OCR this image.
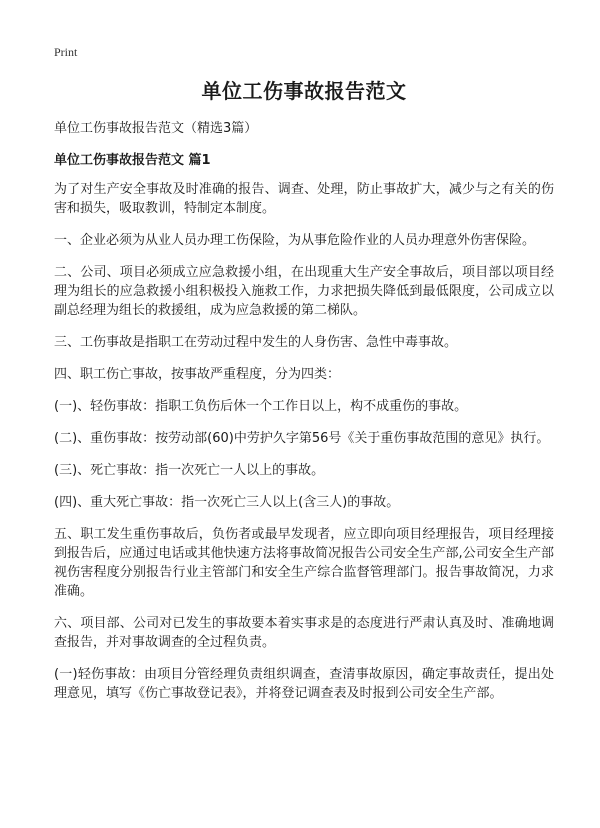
Print
单位工伤事故报告范文
单位工伤事故报告范文（精选3篇）
单位工伤事故报告范文 篇1

为了对生产安全事故及时准确的报告、调查、处理，防止事故扩大，减少与之有关的伤害和损失，吸取教训，特制定本制度。

一、企业必须为从业人员办理工伤保险，为从事危险作业的人员办理意外伤害保险。

二、公司、项目必须成立应急救援小组，在出现重大生产安全事故后，项目部以项目经理为组长的应急救援小组积极投入施救工作，力求把损失降低到最低限度，公司成立以副总经理为组长的救援组，成为应急救援的第二梯队。

三、工伤事故是指职工在劳动过程中发生的人身伤害、急性中毒事故。

四、职工伤亡事故，按事故严重程度，分为四类：

(一)、轻伤事故：指职工负伤后休一个工作日以上，构不成重伤的事故。

(二)、重伤事故：按劳动部(60)中劳护久字第56号《关于重伤事故范围的意见》执行。

(三)、死亡事故：指一次死亡一人以上的事故。

(四)、重大死亡事故：指一次死亡三人以上(含三人)的事故。

五、职工发生重伤事故后，负伤者或最早发现者，应立即向项目经理报告，项目经理接到报告后，应通过电话或其他快速方法将事故简况报告公司安全生产部,公司安全生产部视伤害程度分别报告行业主管部门和安全生产综合监督管理部门。报告事故简况，力求准确。

六、项目部、公司对已发生的事故要本着实事求是的态度进行严肃认真及时、准确地调查报告，并对事故调查的全过程负责。

(一)轻伤事故：由项目分管经理负责组织调查，查清事故原因，确定事故责任，提出处理意见，填写《伤亡事故登记表》，并将登记调查表及时报到公司安全生产部。
